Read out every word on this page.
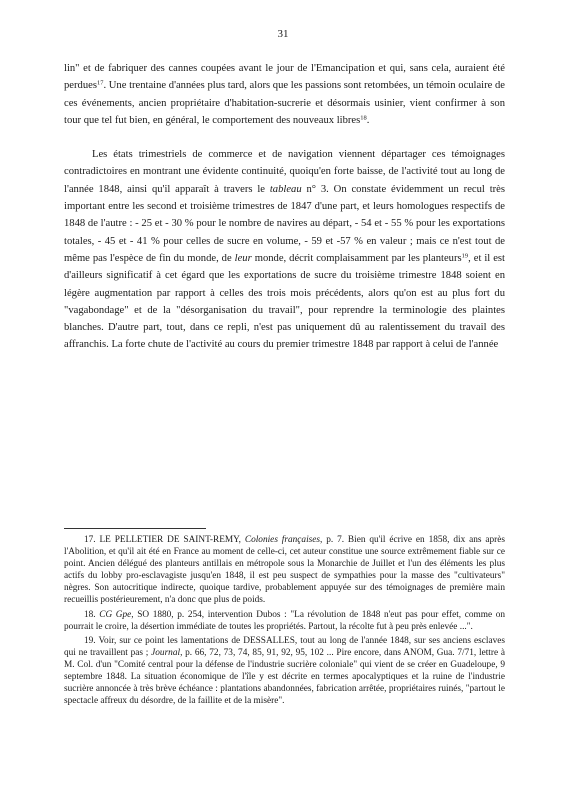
31

lin" et de fabriquer des cannes coupées avant le jour de l'Emancipation et qui, sans cela, auraient été perdues$^{17}$. Une trentaine d'années plus tard, alors que les passions sont retombées, un témoin oculaire de ces événements, ancien propriétaire d'habitation-sucrerie et désormais usinier, vient confirmer à son tour que tel fut bien, en général, le comportement des nouveaux libres$^{18}$.

Les états trimestriels de commerce et de navigation viennent départager ces témoignages contradictoires en montrant une évidente continuité, quoiqu'en forte baisse, de l'activité tout au long de l'année 1848, ainsi qu'il apparaît à travers le tableau n° 3. On constate évidemment un recul très important entre les second et troisième trimestres de 1847 d'une part, et leurs homologues respectifs de 1848 de l'autre : - 25 et - 30 % pour le nombre de navires au départ, - 54 et - 55 % pour les exportations totales, - 45 et - 41 % pour celles de sucre en volume, - 59 et -57 % en valeur ; mais ce n'est tout de même pas l'espèce de fin du monde, de leur monde, décrit complaisamment par les planteurs$^{19}$, et il est d'ailleurs significatif à cet égard que les exportations de sucre du troisième trimestre 1848 soient en légère augmentation par rapport à celles des trois mois précédents, alors qu'on est au plus fort du "vagabondage" et de la "désorganisation du travail", pour reprendre la terminologie des plaintes blanches. D'autre part, tout, dans ce repli, n'est pas uniquement dû au ralentissement du travail des affranchis. La forte chute de l'activité au cours du premier trimestre 1848 par rapport à celui de l'année

17. LE PELLETIER DE SAINT-REMY, Colonies françaises, p. 7. Bien qu'il écrive en 1858, dix ans après l'Abolition, et qu'il ait été en France au moment de celle-ci, cet auteur constitue une source extrêmement fiable sur ce point. Ancien délégué des planteurs antillais en métropole sous la Monarchie de Juillet et l'un des éléments les plus actifs du lobby pro-esclavagiste jusqu'en 1848, il est peu suspect de sympathies pour la masse des "cultivateurs" nègres. Son autocritique indirecte, quoique tardive, probablement appuyée sur des témoignages de première main recueillis postérieurement, n'a donc que plus de poids.

18. CG Gpe, SO 1880, p. 254, intervention Dubos : "La révolution de 1848 n'eut pas pour effet, comme on pourrait le croire, la désertion immédiate de toutes les propriétés. Partout, la récolte fut à peu près enlevée ...".

19. Voir, sur ce point les lamentations de DESSALLES, tout au long de l'année 1848, sur ses anciens esclaves qui ne travaillent pas ; Journal, p. 66, 72, 73, 74, 85, 91, 92, 95, 102 ... Pire encore, dans ANOM, Gua. 7/71, lettre à M. Col. d'un "Comité central pour la défense de l'industrie sucrière coloniale" qui vient de se créer en Guadeloupe, 9 septembre 1848. La situation économique de l'île y est décrite en termes apocalyptiques et la ruine de l'industrie sucrière annoncée à très brève échéance : plantations abandonnées, fabrication arrêtée, propriétaires ruinés, "partout le spectacle affreux du désordre, de la faillite et de la misère".
